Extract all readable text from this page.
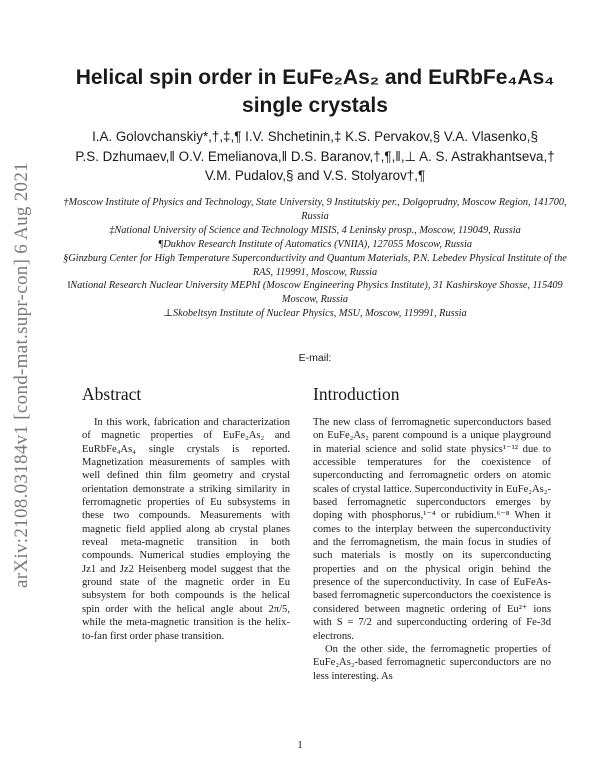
arXiv:2108.03184v1 [cond-mat.supr-con] 6 Aug 2021
Helical spin order in EuFe₂As₂ and EuRbFe₄As₄
single crystals
I.A. Golovchanskiy*,†,‡,¶ I.V. Shchetinin,‡ K.S. Pervakov,§ V.A. Vlasenko,§
P.S. Dzhumaev,‖ O.V. Emelianova,‖ D.S. Baranov,†,¶,‖,⊥ A. S. Astrakhantseva,†
V.M. Pudalov,§ and V.S. Stolyarov†,¶
†Moscow Institute of Physics and Technology, State University, 9 Institutskiy per., Dolgoprudny, Moscow Region, 141700, Russia
‡National University of Science and Technology MISIS, 4 Leninsky prosp., Moscow, 119049, Russia
¶Dukhov Research Institute of Automatics (VNIIA), 127055 Moscow, Russia
§Ginzburg Center for High Temperature Superconductivity and Quantum Materials, P.N. Lebedev Physical Institute of the RAS, 119991, Moscow, Russia
‖National Research Nuclear University MEPhI (Moscow Engineering Physics Institute), 31 Kashirskoye Shosse, 115409 Moscow, Russia
⊥Skobeltsyn Institute of Nuclear Physics, MSU, Moscow, 119991, Russia
E-mail:
Abstract	Introduction

In this work, fabrication and characterization of magnetic properties of EuFe₂As₂ and EuRbFe₄As₄ single crystals is reported. Magnetization measurements of samples with well defined thin film geometry and crystal orientation demonstrate a striking similarity in ferromagnetic properties of Eu subsystems in these two compounds. Measurements with magnetic field applied along ab crystal planes reveal meta-magnetic transition in both compounds. Numerical studies employing the Jz1 and Jz2 Heisenberg model suggest that the ground state of the magnetic order in Eu subsystem for both compounds is the helical spin order with the helical angle about 2π/5, while the meta-magnetic transition is the helix-to-fan first order phase transition.

The new class of ferromagnetic superconductors based on EuFe₂As₂ parent compound is a unique playground in material science and solid state physics¹⁻¹² due to accessible temperatures for the coexistence of superconducting and ferromagnetic orders on atomic scales of crystal lattice. Superconductivity in EuFe₂As₂-based ferromagnetic superconductors emerges by doping with phosphorus,¹⁻⁴ or rubidium.⁶⁻⁸ When it comes to the interplay between the superconductivity and the ferromagnetism, the main focus in studies of such materials is mostly on its superconducting properties and on the physical origin behind the presence of the superconductivity. In case of EuFeAs-based ferromagnetic superconductors the coexistence is considered between magnetic ordering of Eu²⁺ ions with S = 7/2 and superconducting ordering of Fe-3d electrons.

On the other side, the ferromagnetic properties of EuFe₂As₂-based ferromagnetic superconductors are no less interesting. As

1
